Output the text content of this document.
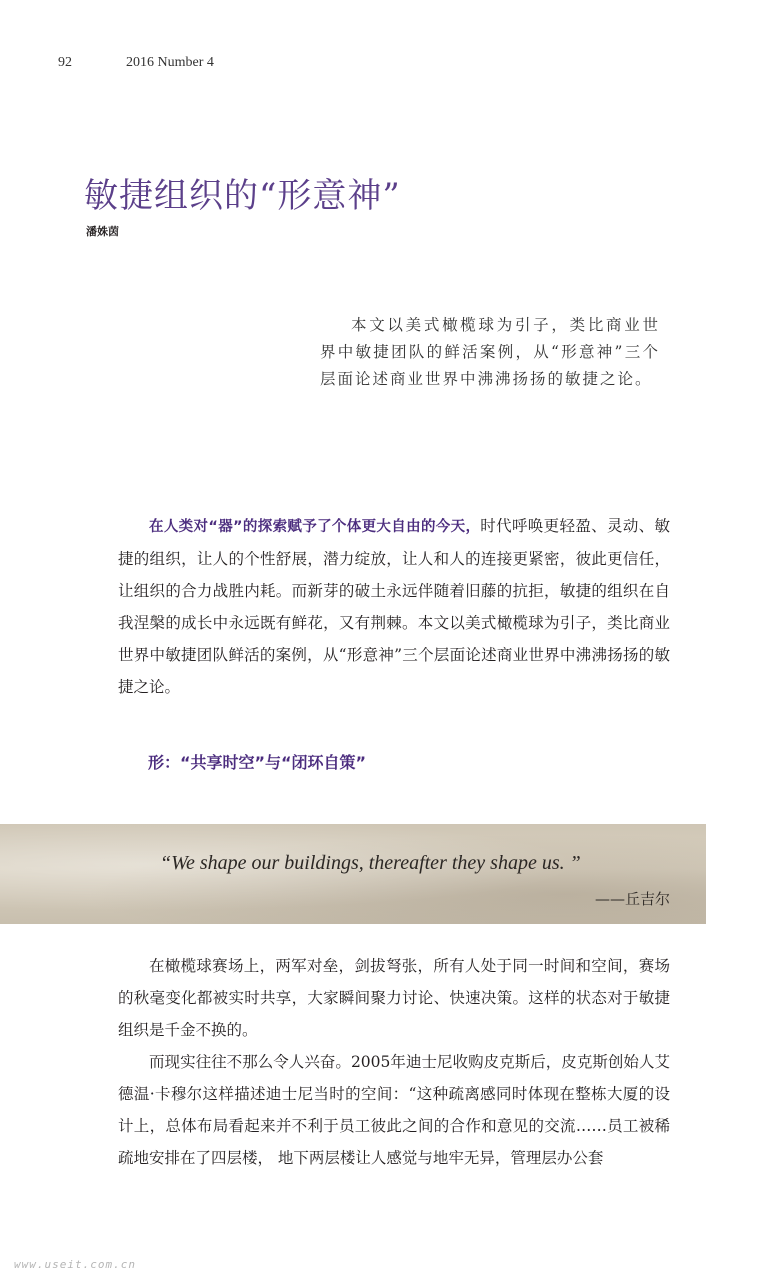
92	2016 Number 4
敏捷组织的“形意神”
潘姝茵

本文以美式橄榄球为引子，类比商业世界中敏捷团队的鲜活案例，从“形意神”三个层面论述商业世界中沸沸扬扬的敏捷之论。

在人类对“器”的探索赋予了个体更大自由的今天，时代呼唤更轻盈、灵动、敏捷的组织，让人的个性舒展，潜力绽放，让人和人的连接更紧密，彼此更信任，让组织的合力战胜内耗。而新芽的破土永远伴随着旧藤的抗拒，敏捷的组织在自我涅槃的成长中永远既有鲜花，又有荆棘。本文以美式橄榄球为引子，类比商业世界中敏捷团队鲜活的案例，从“形意神”三个层面论述商业世界中沸沸扬扬的敏捷之论。

形：“共享时空”与“闭环自策”
“We shape our buildings, thereafter they shape us. ”
——丘吉尔

在橄榄球赛场上，两军对垒，剑拔弩张，所有人处于同一时间和空间，赛场的秋毫变化都被实时共享，大家瞬间聚力讨论、快速决策。这样的状态对于敏捷组织是千金不换的。

而现实往往不那么令人兴奋。2005年迪士尼收购皮克斯后，皮克斯创始人艾德温·卡穆尔这样描述迪士尼当时的空间：“这种疏离感同时体现在整栋大厦的设计上，总体布局看起来并不利于员工彼此之间的合作和意见的交流……员工被稀疏地安排在了四层楼， 地下两层楼让人感觉与地牢无异，管理层办公套

www.useit.com.cn
